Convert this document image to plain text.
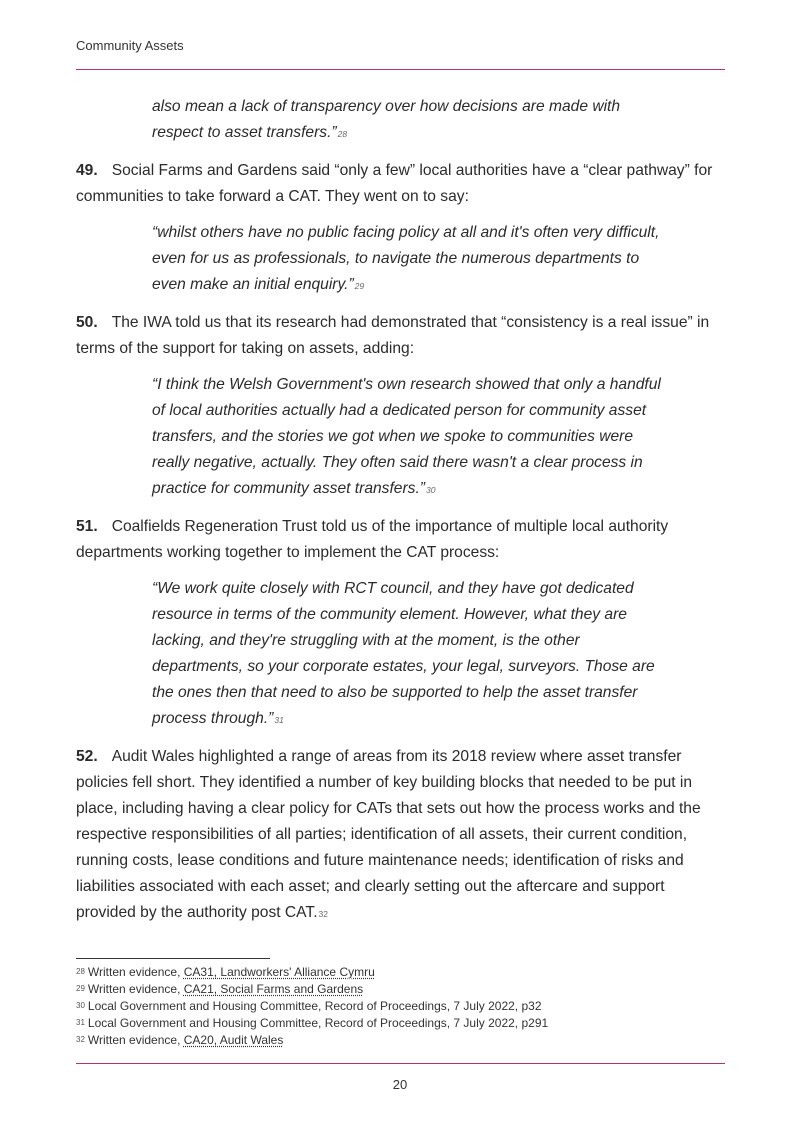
Community Assets

also mean a lack of transparency over how decisions are made with respect to asset transfers.”$^{28}$

49. Social Farms and Gardens said “only a few” local authorities have a “clear pathway” for communities to take forward a CAT. They went on to say:

“whilst others have no public facing policy at all and it's often very difficult, even for us as professionals, to navigate the numerous departments to even make an initial enquiry.”$^{29}$

50. The IWA told us that its research had demonstrated that “consistency is a real issue” in terms of the support for taking on assets, adding:

“I think the Welsh Government's own research showed that only a handful of local authorities actually had a dedicated person for community asset transfers, and the stories we got when we spoke to communities were really negative, actually. They often said there wasn't a clear process in practice for community asset transfers.”$^{30}$

51. Coalfields Regeneration Trust told us of the importance of multiple local authority departments working together to implement the CAT process:

“We work quite closely with RCT council, and they have got dedicated resource in terms of the community element. However, what they are lacking, and they're struggling with at the moment, is the other departments, so your corporate estates, your legal, surveyors. Those are the ones then that need to also be supported to help the asset transfer process through.”$^{31}$

52. Audit Wales highlighted a range of areas from its 2018 review where asset transfer policies fell short. They identified a number of key building blocks that needed to be put in place, including having a clear policy for CATs that sets out how the process works and the respective responsibilities of all parties; identification of all assets, their current condition, running costs, lease conditions and future maintenance needs; identification of risks and liabilities associated with each asset; and clearly setting out the aftercare and support provided by the authority post CAT.$^{32}$

$^{28}$ Written evidence, CA31, Landworkers' Alliance Cymru
$^{29}$ Written evidence, CA21, Social Farms and Gardens
$^{30}$ Local Government and Housing Committee, Record of Proceedings, 7 July 2022, p32
$^{31}$ Local Government and Housing Committee, Record of Proceedings, 7 July 2022, p291
$^{32}$ Written evidence, CA20, Audit Wales
20
